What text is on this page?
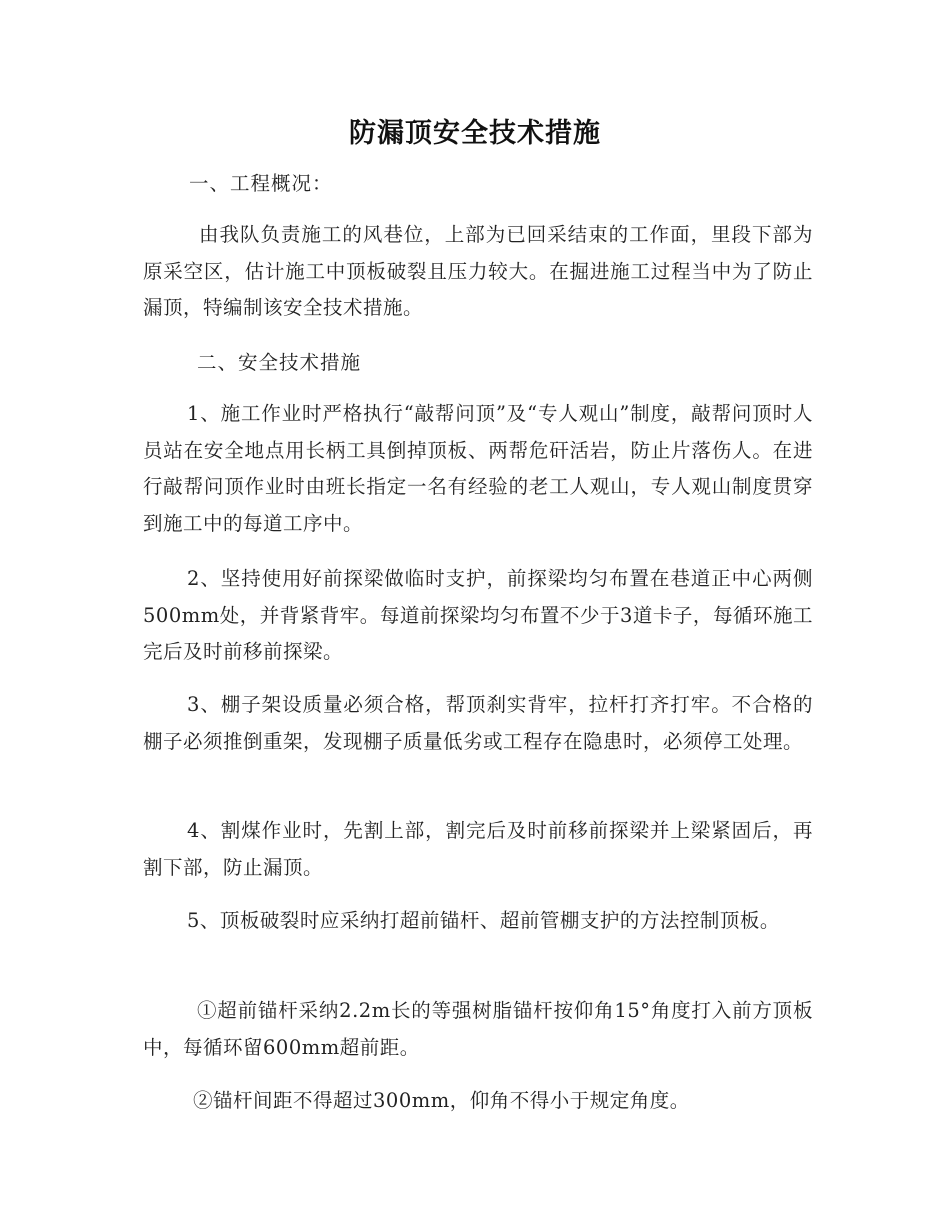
防漏顶安全技术措施
一、工程概况：
由我队负责施工的风巷位，上部为已回采结束的工作面，里段下部为原采空区，估计施工中顶板破裂且压力较大。在掘进施工过程当中为了防止漏顶，特编制该安全技术措施。
二、安全技术措施
1、施工作业时严格执行“敲帮问顶”及“专人观山”制度，敲帮问顶时人员站在安全地点用长柄工具倒掉顶板、两帮危矸活岩，防止片落伤人。在进行敲帮问顶作业时由班长指定一名有经验的老工人观山，专人观山制度贯穿到施工中的每道工序中。
2、坚持使用好前探梁做临时支护，前探梁均匀布置在巷道正中心两侧500mm处，并背紧背牢。每道前探梁均匀布置不少于3道卡子，每循环施工完后及时前移前探梁。
3、棚子架设质量必须合格，帮顶刹实背牢，拉杆打齐打牢。不合格的棚子必须推倒重架，发现棚子质量低劣或工程存在隐患时，必须停工处理。
4、割煤作业时，先割上部，割完后及时前移前探梁并上梁紧固后，再割下部，防止漏顶。
5、顶板破裂时应采纳打超前锚杆、超前管棚支护的方法控制顶板。
①超前锚杆采纳2.2m长的等强树脂锚杆按仰角15°角度打入前方顶板中，每循环留600mm超前距。
②锚杆间距不得超过300mm，仰角不得小于规定角度。
